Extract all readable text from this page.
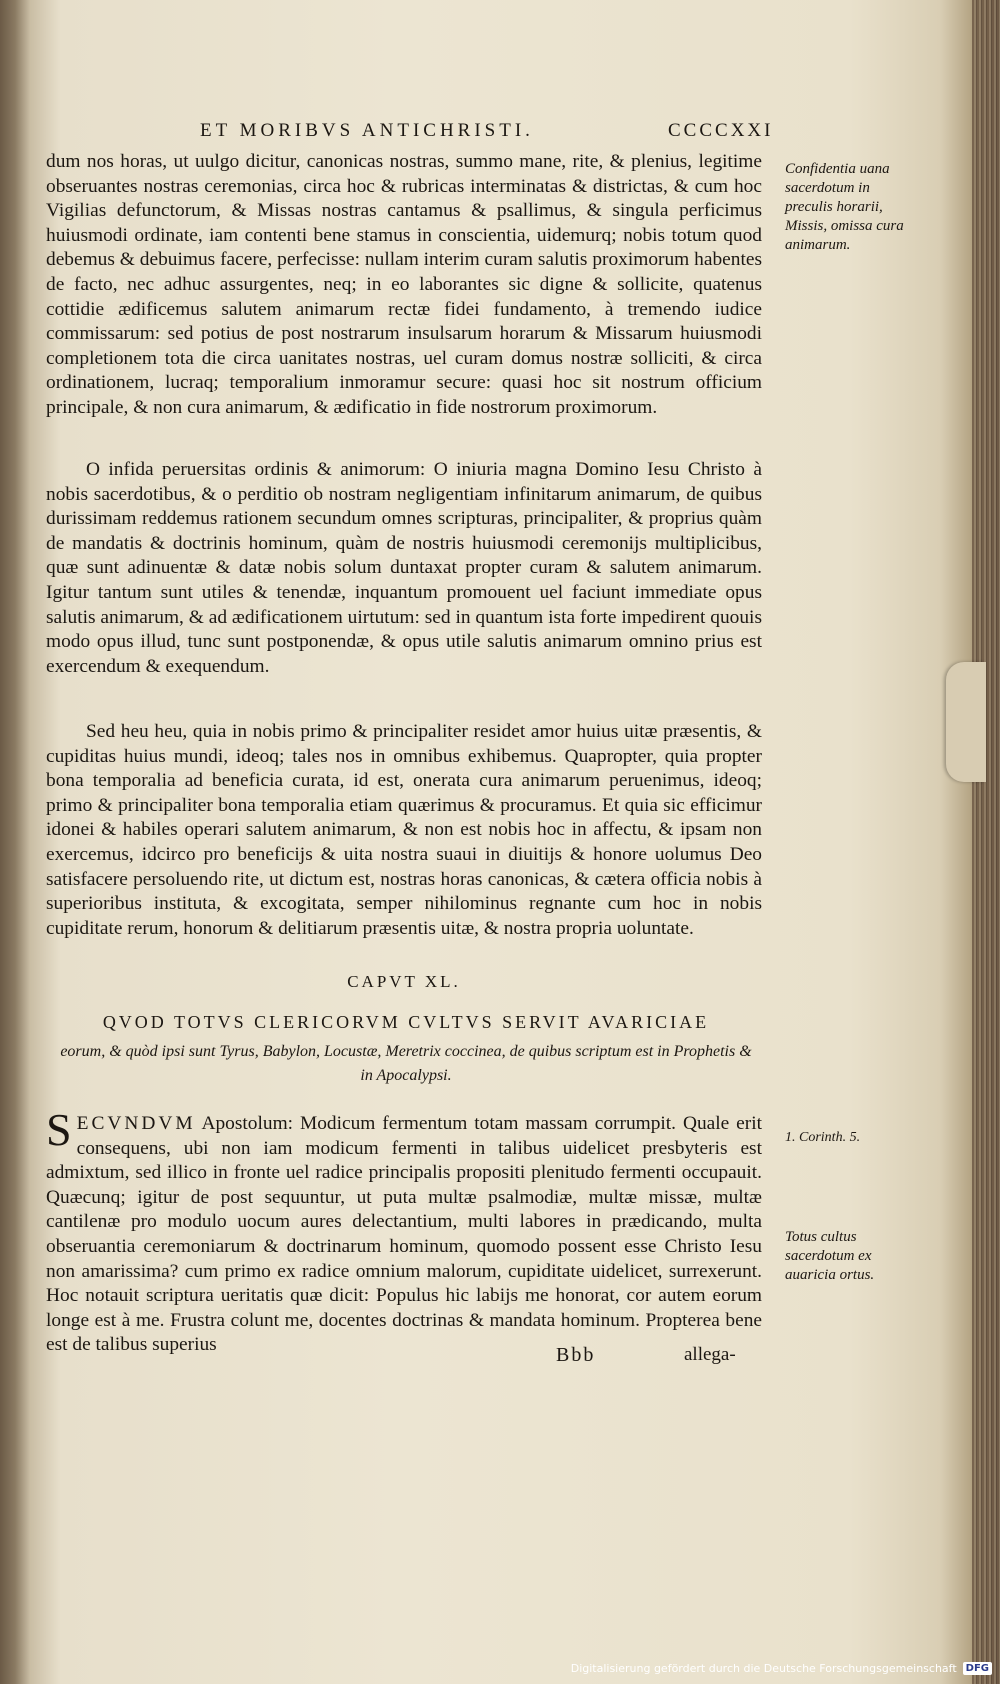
ET MORIBVS ANTICHRISTI.	CCCCXXI
dum nos horas, ut uulgo dicitur, canonicas nostras, summo mane, rite, & plenius, legitime obseruantes nostras ceremonias, circa hoc & rubricas interminatas & districtas, & cum hoc Vigilias defunctorum, & Missas nostras cantamus & psallimus, & singula perficimus huiusmodi ordinate, iam contenti bene stamus in conscientia, uidemurq; nobis totum quod debemus & debuimus facere, perfecisse: nullam interim curam salutis proximorum habentes de facto, nec adhuc assurgentes, neq; in eo laborantes sic digne & sollicite, quatenus cottidie ædificemus salutem animarum rectæ fidei fundamento, à tremendo iudice commissarum: sed potius de post nostrarum insulsarum horarum & Missarum huiusmodi completionem tota die circa uanitates nostras, uel curam domus nostræ solliciti, & circa ordinationem, lucraq; temporalium inmoramur secure: quasi hoc sit nostrum officium principale, & non cura animarum, & ædificatio in fide nostrorum proximorum.
Confidentia uana sacerdotum in preculis horarii, Missis, omissa cura animarum.
O infida peruersitas ordinis & animorum: O iniuria magna Domino Iesu Christo à nobis sacerdotibus, & o perditio ob nostram negligentiam infinitarum animarum, de quibus durissimam reddemus rationem secundum omnes scripturas, principaliter, & proprius quàm de mandatis & doctrinis hominum, quàm de nostris huiusmodi ceremonijs multiplicibus, quæ sunt adinuentæ & datæ nobis solum duntaxat propter curam & salutem animarum. Igitur tantum sunt utiles & tenendæ, inquantum promouent uel faciunt immediate opus salutis animarum, & ad ædificationem uirtutum: sed in quantum ista forte impedirent quouis modo opus illud, tunc sunt postponendæ, & opus utile salutis animarum omnino prius est exercendum & exequendum.
Sed heu heu, quia in nobis primo & principaliter residet amor huius uitæ præsentis, & cupiditas huius mundi, ideoq; tales nos in omnibus exhibemus. Quapropter, quia propter bona temporalia ad beneficia curata, id est, onerata cura animarum peruenimus, ideoq; primo & principaliter bona temporalia etiam quærimus & procuramus. Et quia sic efficimur idonei & habiles operari salutem animarum, & non est nobis hoc in affectu, & ipsam non exercemus, idcirco pro beneficijs & uita nostra suaui in diuitijs & honore uolumus Deo satisfacere persoluendo rite, ut dictum est, nostras horas canonicas, & cætera officia nobis à superioribus instituta, & excogitata, semper nihilominus regnante cum hoc in nobis cupiditate rerum, honorum & delitiarum præsentis uitæ, & nostra propria uoluntate.
CAPVT XL.
QVOD TOTVS CLERICORVM CVLTVS SERVIT AVARICIAE
eorum, & quòd ipsi sunt Tyrus, Babylon, Locustæ, Meretrix coccinea, de quibus scriptum est in Prophetis & in Apocalypsi.
SECVNDVM Apostolum: Modicum fermentum totam massam corrumpit. Quale erit consequens, ubi non iam modicum fermenti in talibus uidelicet presbyteris est admixtum, sed illico in fronte uel radice principalis propositi plenitudo fermenti occupauit. Quæcunq; igitur de post sequuntur, ut puta multæ psalmodiæ, multæ missæ, multæ cantilenæ pro modulo uocum aures delectantium, multi labores in prædicando, multa obseruantia ceremoniarum & doctrinarum hominum, quomodo possent esse Christo Iesu non amarissima? cum primo ex radice omnium malorum, cupiditate uidelicet, surrexerunt. Hoc notauit scriptura ueritatis quæ dicit: Populus hic labijs me honorat, cor autem eorum longe est à me. Frustra colunt me, docentes doctrinas & mandata hominum. Propterea bene est de talibus superius
1. Corinth. 5.
Totus cultus sacerdotum ex auaricia ortus.
Bbb	allega-
Digitalisierung gefördert durch die Deutsche Forschungsgemeinschaft DFG
